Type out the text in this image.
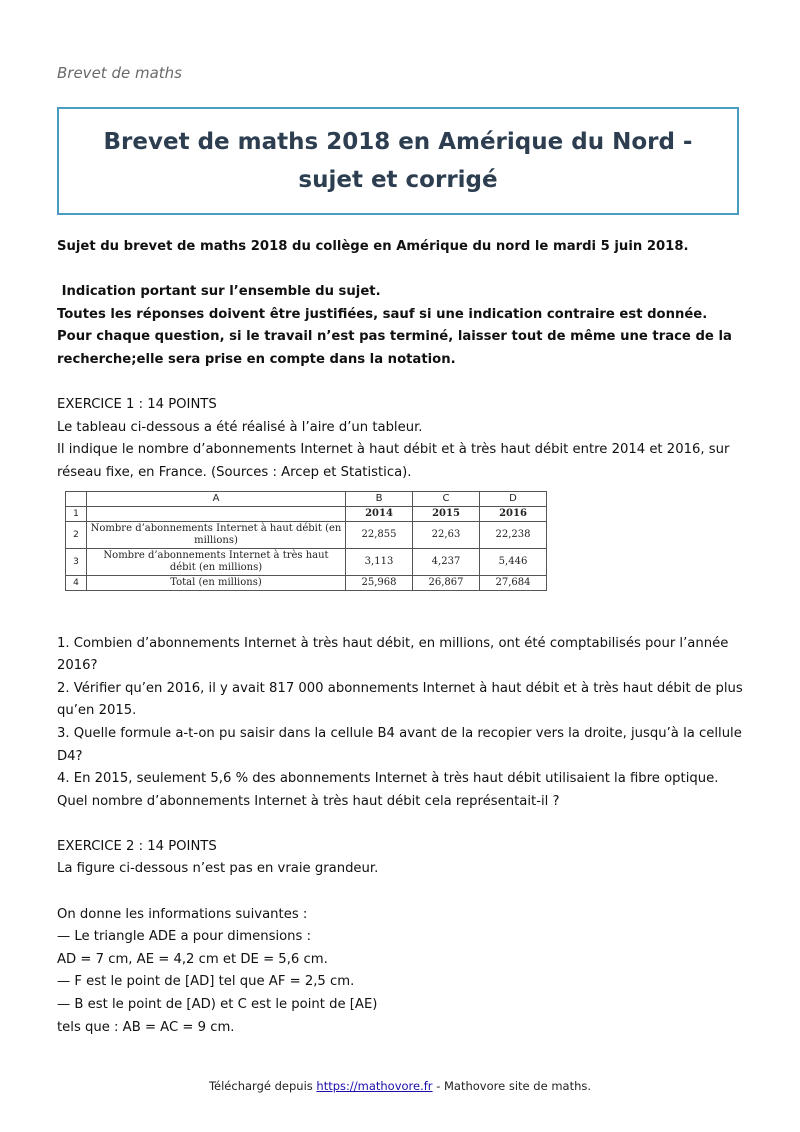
Brevet de maths
Brevet de maths 2018 en Amérique du Nord - sujet et corrigé

Sujet du brevet de maths 2018 du collège en Amérique du nord le mardi 5 juin 2018.

Indication portant sur l’ensemble du sujet.

Toutes les réponses doivent être justifiées, sauf si une indication contraire est donnée.

Pour chaque question, si le travail n’est pas terminé, laisser tout de même une trace de la recherche;elle sera prise en compte dans la notation.

EXERCICE 1 : 14 POINTS

Le tableau ci-dessous a été réalisé à l’aire d’un tableur.

Il indique le nombre d’abonnements Internet à haut débit et à très haut débit entre 2014 et 2016, sur réseau fixe, en France. (Sources : Arcep et Statistica).

	A	B	C	D
1		2014	2015	2016
2	Nombre d’abonnements Internet à haut débit (en millions)	22,855	22,63	22,238
3	Nombre d’abonnements Internet à très haut débit (en millions)	3,113	4,237	5,446
4	Total (en millions)	25,968	26,867	27,684

1. Combien d’abonnements Internet à très haut débit, en millions, ont été comptabilisés pour l’année 2016?

2. Vérifier qu’en 2016, il y avait 817 000 abonnements Internet à haut débit et à très haut débit de plus qu’en 2015.

3. Quelle formule a-t-on pu saisir dans la cellule B4 avant de la recopier vers la droite, jusqu’à la cellule D4?

4. En 2015, seulement 5,6 % des abonnements Internet à très haut débit utilisaient la fibre optique. Quel nombre d’abonnements Internet à très haut débit cela représentait-il ?

EXERCICE 2 : 14 POINTS

La figure ci-dessous n’est pas en vraie grandeur.

On donne les informations suivantes :

— Le triangle ADE a pour dimensions :

AD = 7 cm, AE = 4,2 cm et DE = 5,6 cm.

— F est le point de [AD] tel que AF = 2,5 cm.

— B est le point de [AD) et C est le point de [AE)

tels que : AB = AC = 9 cm.

Téléchargé depuis https://mathovore.fr - Mathovore site de maths.
